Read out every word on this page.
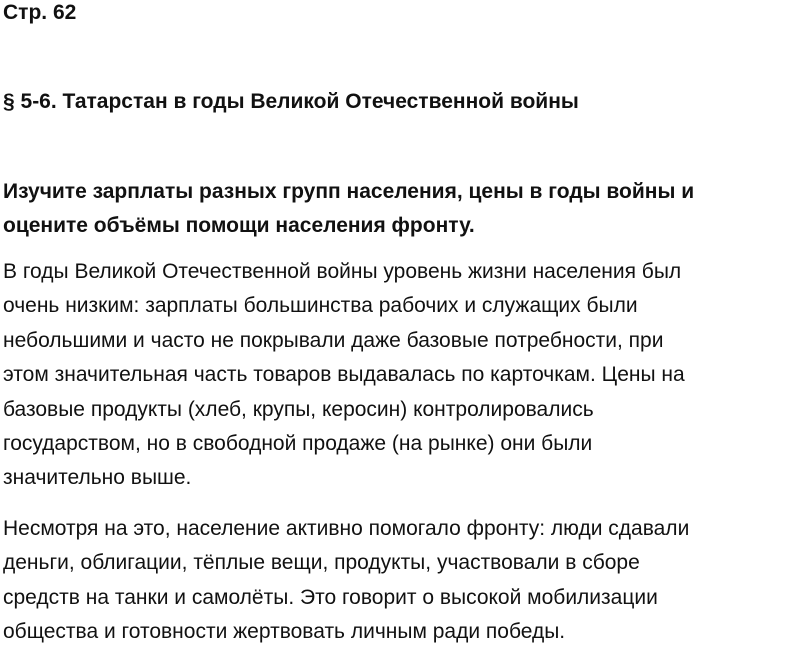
Стр. 62
§ 5-6. Татарстан в годы Великой Отечественной войны
Изучите зарплаты разных групп населения, цены в годы войны и
оцените объёмы помощи населения фронту.
В годы Великой Отечественной войны уровень жизни населения был
очень низким: зарплаты большинства рабочих и служащих были
небольшими и часто не покрывали даже базовые потребности, при
этом значительная часть товаров выдавалась по карточкам. Цены на
базовые продукты (хлеб, крупы, керосин) контролировались
государством, но в свободной продаже (на рынке) они были
значительно выше.
Несмотря на это, население активно помогало фронту: люди сдавали
деньги, облигации, тёплые вещи, продукты, участвовали в сборе
средств на танки и самолёты. Это говорит о высокой мобилизации
общества и готовности жертвовать личным ради победы.
